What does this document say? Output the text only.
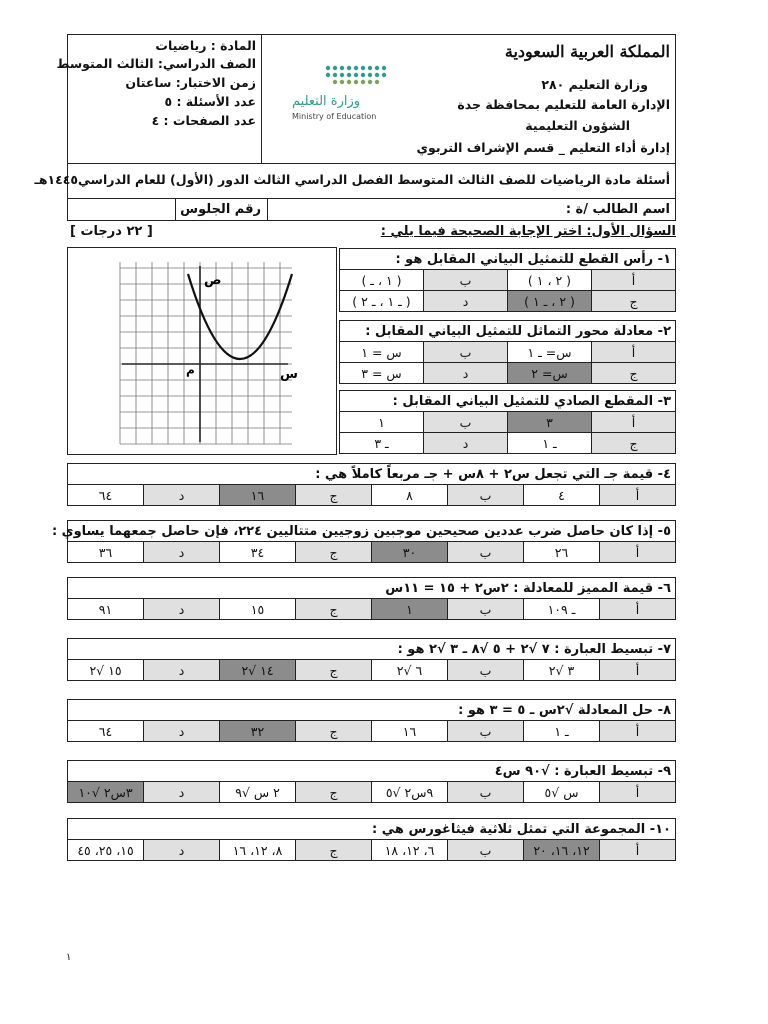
المملكة العربية السعودية
وزارة التعليم ٢٨٠
الإدارة العامة للتعليم بمحافظة جدة
الشؤون التعليمية
إدارة أداء التعليم _ قسم الإشراف التربوي
وزارة التعليم
Ministry of Education
المادة : رياضيات
الصف الدراسي: الثالث المتوسط
زمن الاختبار: ساعتان
عدد الأسئلة : ٥
عدد الصفحات : ٤
أسئلة مادة الرياضيات للصف الثالث المتوسط الفصل الدراسي الثالث الدور (الأول) للعام الدراسي١٤٤٥هـ
اسم الطالب /ة :
رقم الجلوس
السؤال الأول: اختر الإجابة الصحيحة فيما يلي :
[ ٢٢ درجات ]
ص
س
م
١- رأس القطع للتمثيل البياني المقابل هو :			
أ	( ٢ ، ١ )	ب	( ١ ، ـ )
ج	( ٢ ، ـ ١ )	د	( ـ ١ ، ـ ٢ )
٢- معادلة محور التماثل للتمثيل البياني المقابل :			
أ	س= ـ ١	ب	س = ١
ج	س= ٢	د	س = ٣
٣- المقطع الصادي للتمثيل البياني المقابل :			
أ	٣	ب	١
ج	ـ ١	د	ـ ٣
٤- قيمة جـ التي تجعل س٢ + ٨س + جـ مربعاً كاملاً هي :
أ	٤	ب	٨	ج	١٦	د	٦٤
٥- إذا كان حاصل ضرب عددين صحيحين موجبين زوجيين متتاليين ٢٢٤، فإن حاصل جمعهما يساوي :
أ	٢٦	ب	٣٠	ج	٣٤	د	٣٦
٦- قيمة المميز للمعادلة : ٢س٢ + ١٥ = ١١س
أ	ـ ١٠٩	ب	١	ج	١٥	د	٩١
٧- تبسيط العبارة : ٧ √٢ + ٥ √٨ ـ ٣ √٢ هو :
أ	٣ √٢	ب	٦ √٢	ج	١٤ √٢	د	١٥ √٢
٨- حل المعادلة √٢س ـ ٥ = ٣ هو :
أ	ـ ١	ب	١٦	ج	٣٢	د	٦٤
٩- تبسيط العبارة : √٩٠ س٤
أ	س √٥	ب	٩س٢ √٥	ج	٢ س √٩	د	٣س٢ √١٠
١٠- المجموعة التي تمثل ثلاثية فيثاغورس هي :
أ	١٢، ١٦، ٢٠	ب	٦، ١٢، ١٨	ج	٨، ١٢، ١٦	د	١٥، ٢٥، ٤٥
١
